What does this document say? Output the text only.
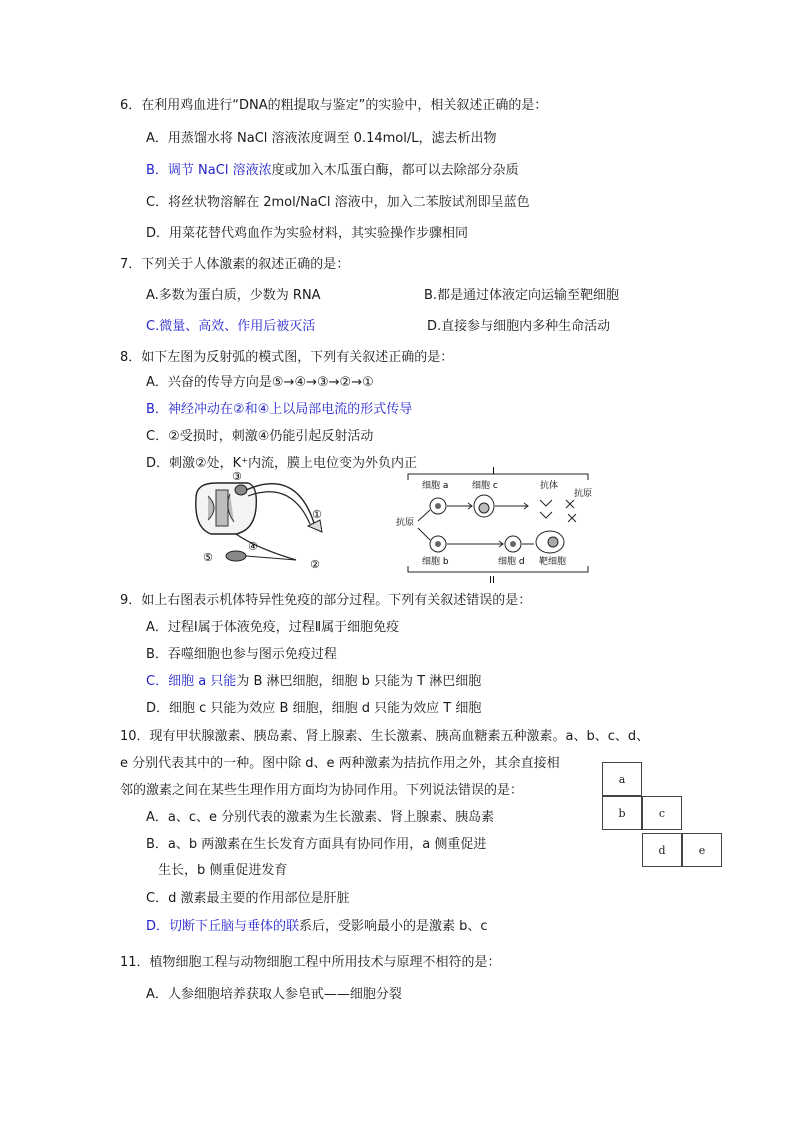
6．在利用鸡血进行“DNA的粗提取与鉴定”的实验中，相关叙述正确的是：
A．用蒸馏水将 NaCl 溶液浓度调至 0.14mol/L，滤去析出物
B．调节 NaCl 溶液浓度或加入木瓜蛋白酶，都可以去除部分杂质
C．将丝状物溶解在 2mol/NaCl 溶液中，加入二苯胺试剂即呈蓝色
D．用菜花替代鸡血作为实验材料，其实验操作步骤相同
7．下列关于人体激素的叙述正确的是：
A.多数为蛋白质，少数为 RNA	B.都是通过体液定向运输至靶细胞
C.微量、高效、作用后被灭活	D.直接参与细胞内多种生命活动
8．如下左图为反射弧的模式图，下列有关叙述正确的是：
A．兴奋的传导方向是⑤→④→③→②→①
B．神经冲动在②和④上以局部电流的形式传导
C．②受损时，刺激④仍能引起反射活动
D．刺激②处，K⁺内流，膜上电位变为外负内正
③
④
①
⑤
②
I
II
细胞 a	细胞 c	抗体
抗原
抗原
细胞 b	细胞 d 靶细胞
9．如上右图表示机体特异性免疫的部分过程。下列有关叙述错误的是：
A．过程Ⅰ属于体液免疫，过程Ⅱ属于细胞免疫
B．吞噬细胞也参与图示免疫过程
C．细胞 a 只能为 B 淋巴细胞，细胞 b 只能为 T 淋巴细胞
D．细胞 c 只能为效应 B 细胞，细胞 d 只能为效应 T 细胞
10．现有甲状腺激素、胰岛素、肾上腺素、生长激素、胰高血糖素五种激素。a、b、c、d、
e 分别代表其中的一种。图中除 d、e 两种激素为拮抗作用之外，其余直接相
邻的激素之间在某些生理作用方面均为协同作用。下列说法错误的是：
A．a、c、e 分别代表的激素为生长激素、肾上腺素、胰岛素
B．a、b 两激素在生长发育方面具有协同作用，a 侧重促进
生长，b 侧重促进发育
C．d 激素最主要的作用部位是肝脏
D．切断下丘脑与垂体的联系后，受影响最小的是激素 b、c
a
b	c
d	e
11．植物细胞工程与动物细胞工程中所用技术与原理不相符的是：
A．人参细胞培养获取人参皂甙——细胞分裂
